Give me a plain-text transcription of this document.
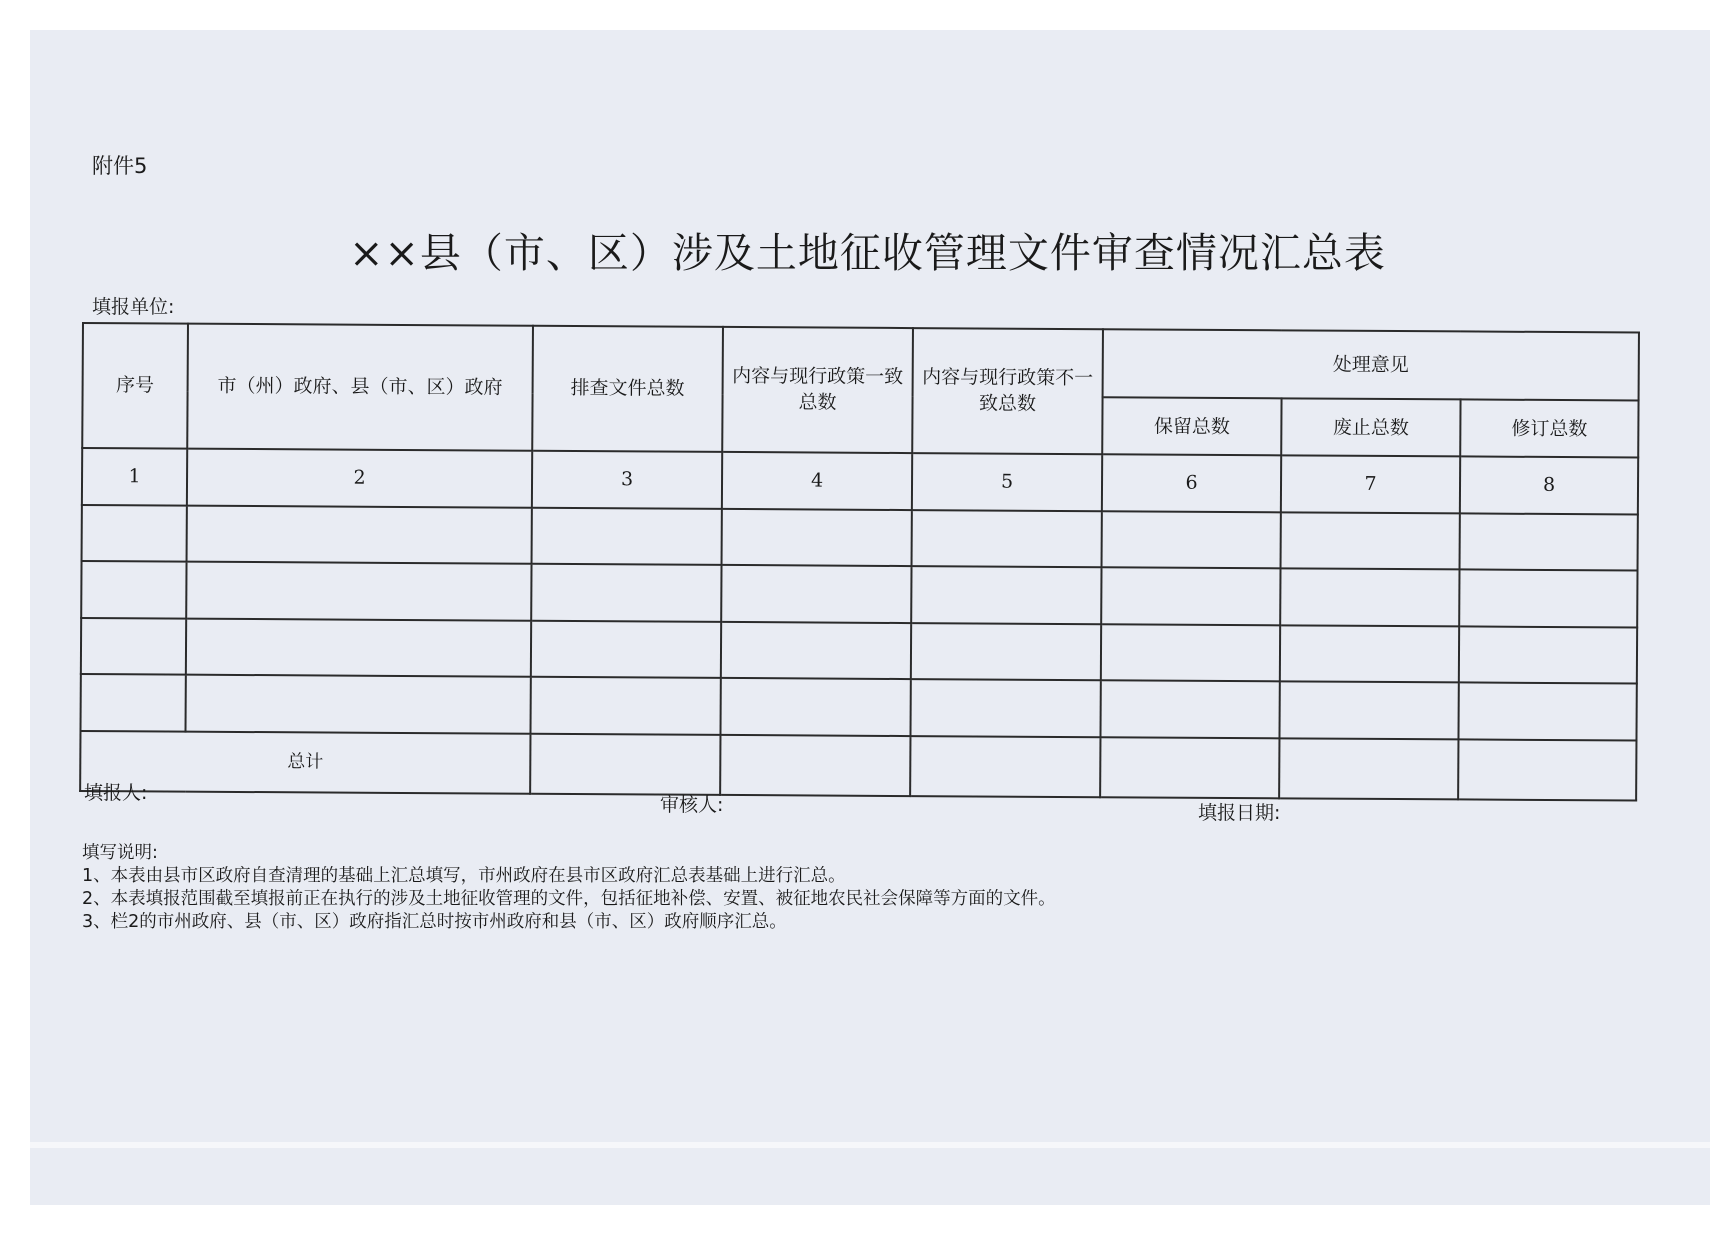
附件5
××县（市、区）涉及土地征收管理文件审查情况汇总表
填报单位:
序号	市（州）政府、县（市、区）政府	排查文件总数	内容与现行政策一致总数	内容与现行政策不一致总数	处理意见		
					保留总数	废止总数	修订总数
1	2	3	4	5	6	7	8

总计							
填报人:
审核人:	填报日期:
填写说明:
1、本表由县市区政府自查清理的基础上汇总填写，市州政府在县市区政府汇总表基础上进行汇总。
2、本表填报范围截至填报前正在执行的涉及土地征收管理的文件，包括征地补偿、安置、被征地农民社会保障等方面的文件。
3、栏2的市州政府、县（市、区）政府指汇总时按市州政府和县（市、区）政府顺序汇总。
